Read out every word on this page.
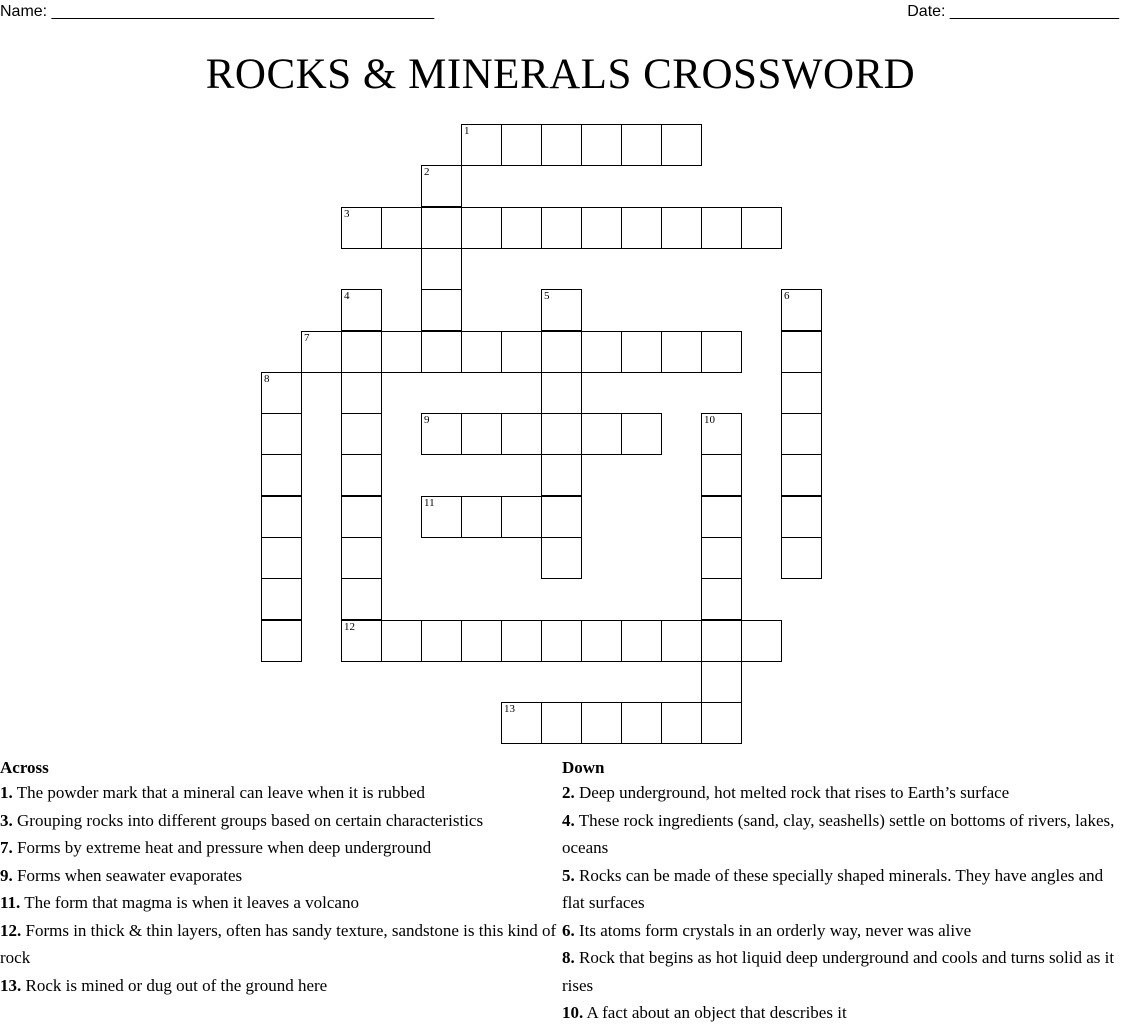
Name: ___________________________________________	Date: ___________________
ROCKS & MINERALS CROSSWORD
1
2
3
4	5	6
7
8
9	10
11
12
13
Across

1. The powder mark that a mineral can leave when it is rubbed

3. Grouping rocks into different groups based on certain characteristics

7. Forms by extreme heat and pressure when deep underground

9. Forms when seawater evaporates

11. The form that magma is when it leaves a volcano

12. Forms in thick & thin layers, often has sandy texture, sandstone is this kind of rock

13. Rock is mined or dug out of the ground here

Down

2. Deep underground, hot melted rock that rises to Earth’s surface

4. These rock ingredients (sand, clay, seashells) settle on bottoms of rivers, lakes, oceans

5. Rocks can be made of these specially shaped minerals. They have angles and flat surfaces

6. Its atoms form crystals in an orderly way, never was alive

8. Rock that begins as hot liquid deep underground and cools and turns solid as it rises

10. A fact about an object that describes it
